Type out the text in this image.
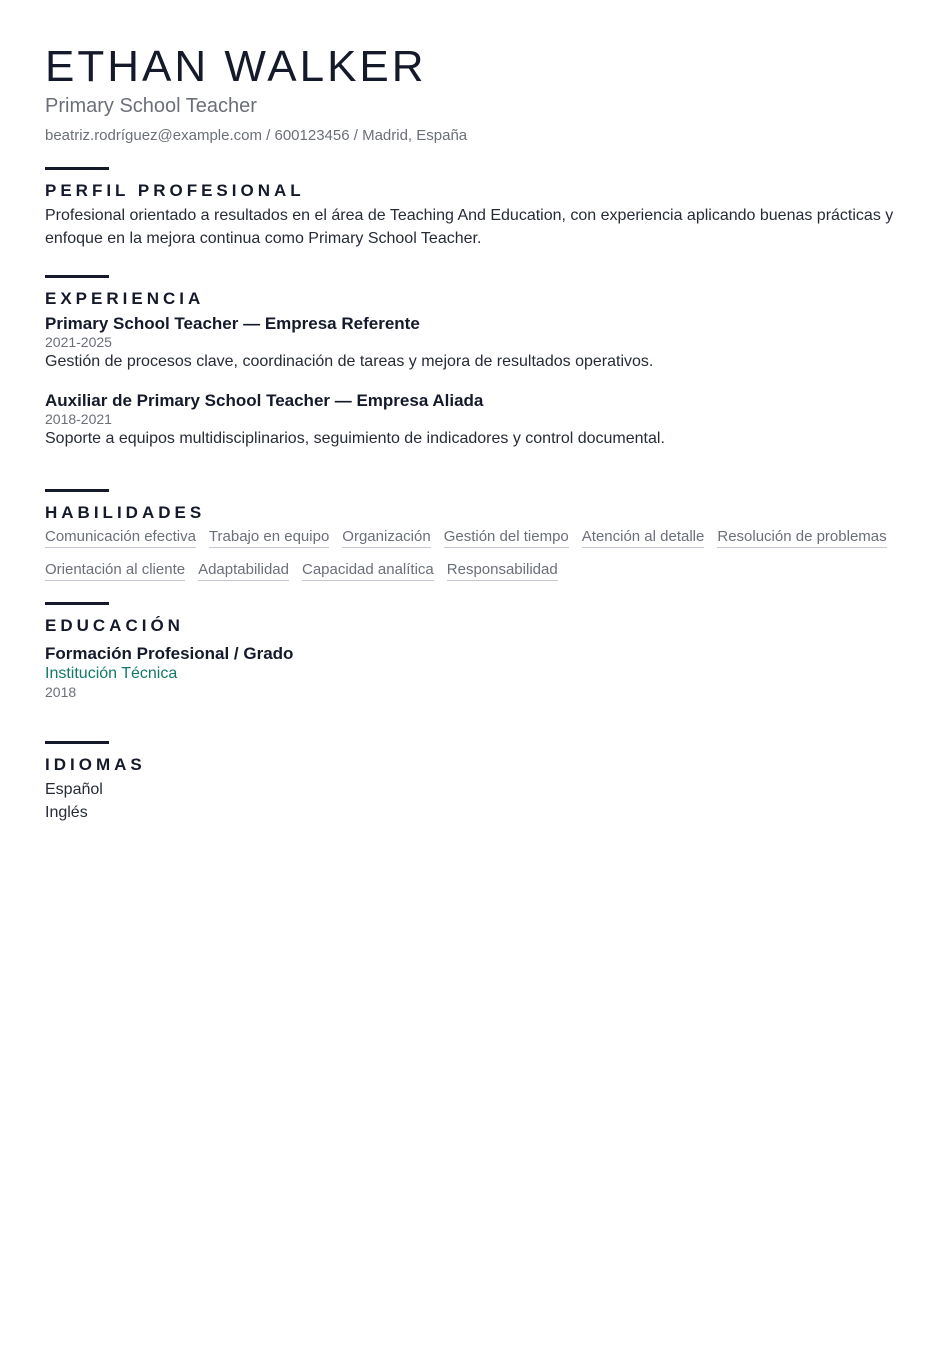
ETHAN WALKER
Primary School Teacher
beatriz.rodríguez@example.com / 600123456 / Madrid, España
PERFIL PROFESIONAL
Profesional orientado a resultados en el área de Teaching And Education, con experiencia aplicando buenas prácticas y enfoque en la mejora continua como Primary School Teacher.
EXPERIENCIA
Primary School Teacher — Empresa Referente
2021-2025
Gestión de procesos clave, coordinación de tareas y mejora de resultados operativos.
Auxiliar de Primary School Teacher — Empresa Aliada
2018-2021
Soporte a equipos multidisciplinarios, seguimiento de indicadores y control documental.
HABILIDADES
Comunicación efectiva Trabajo en equipo Organización Gestión del tiempo Atención al detalle Resolución de problemas
Orientación al cliente Adaptabilidad Capacidad analítica Responsabilidad
EDUCACIÓN
Formación Profesional / Grado
Institución Técnica
2018
IDIOMAS
Español
Inglés
